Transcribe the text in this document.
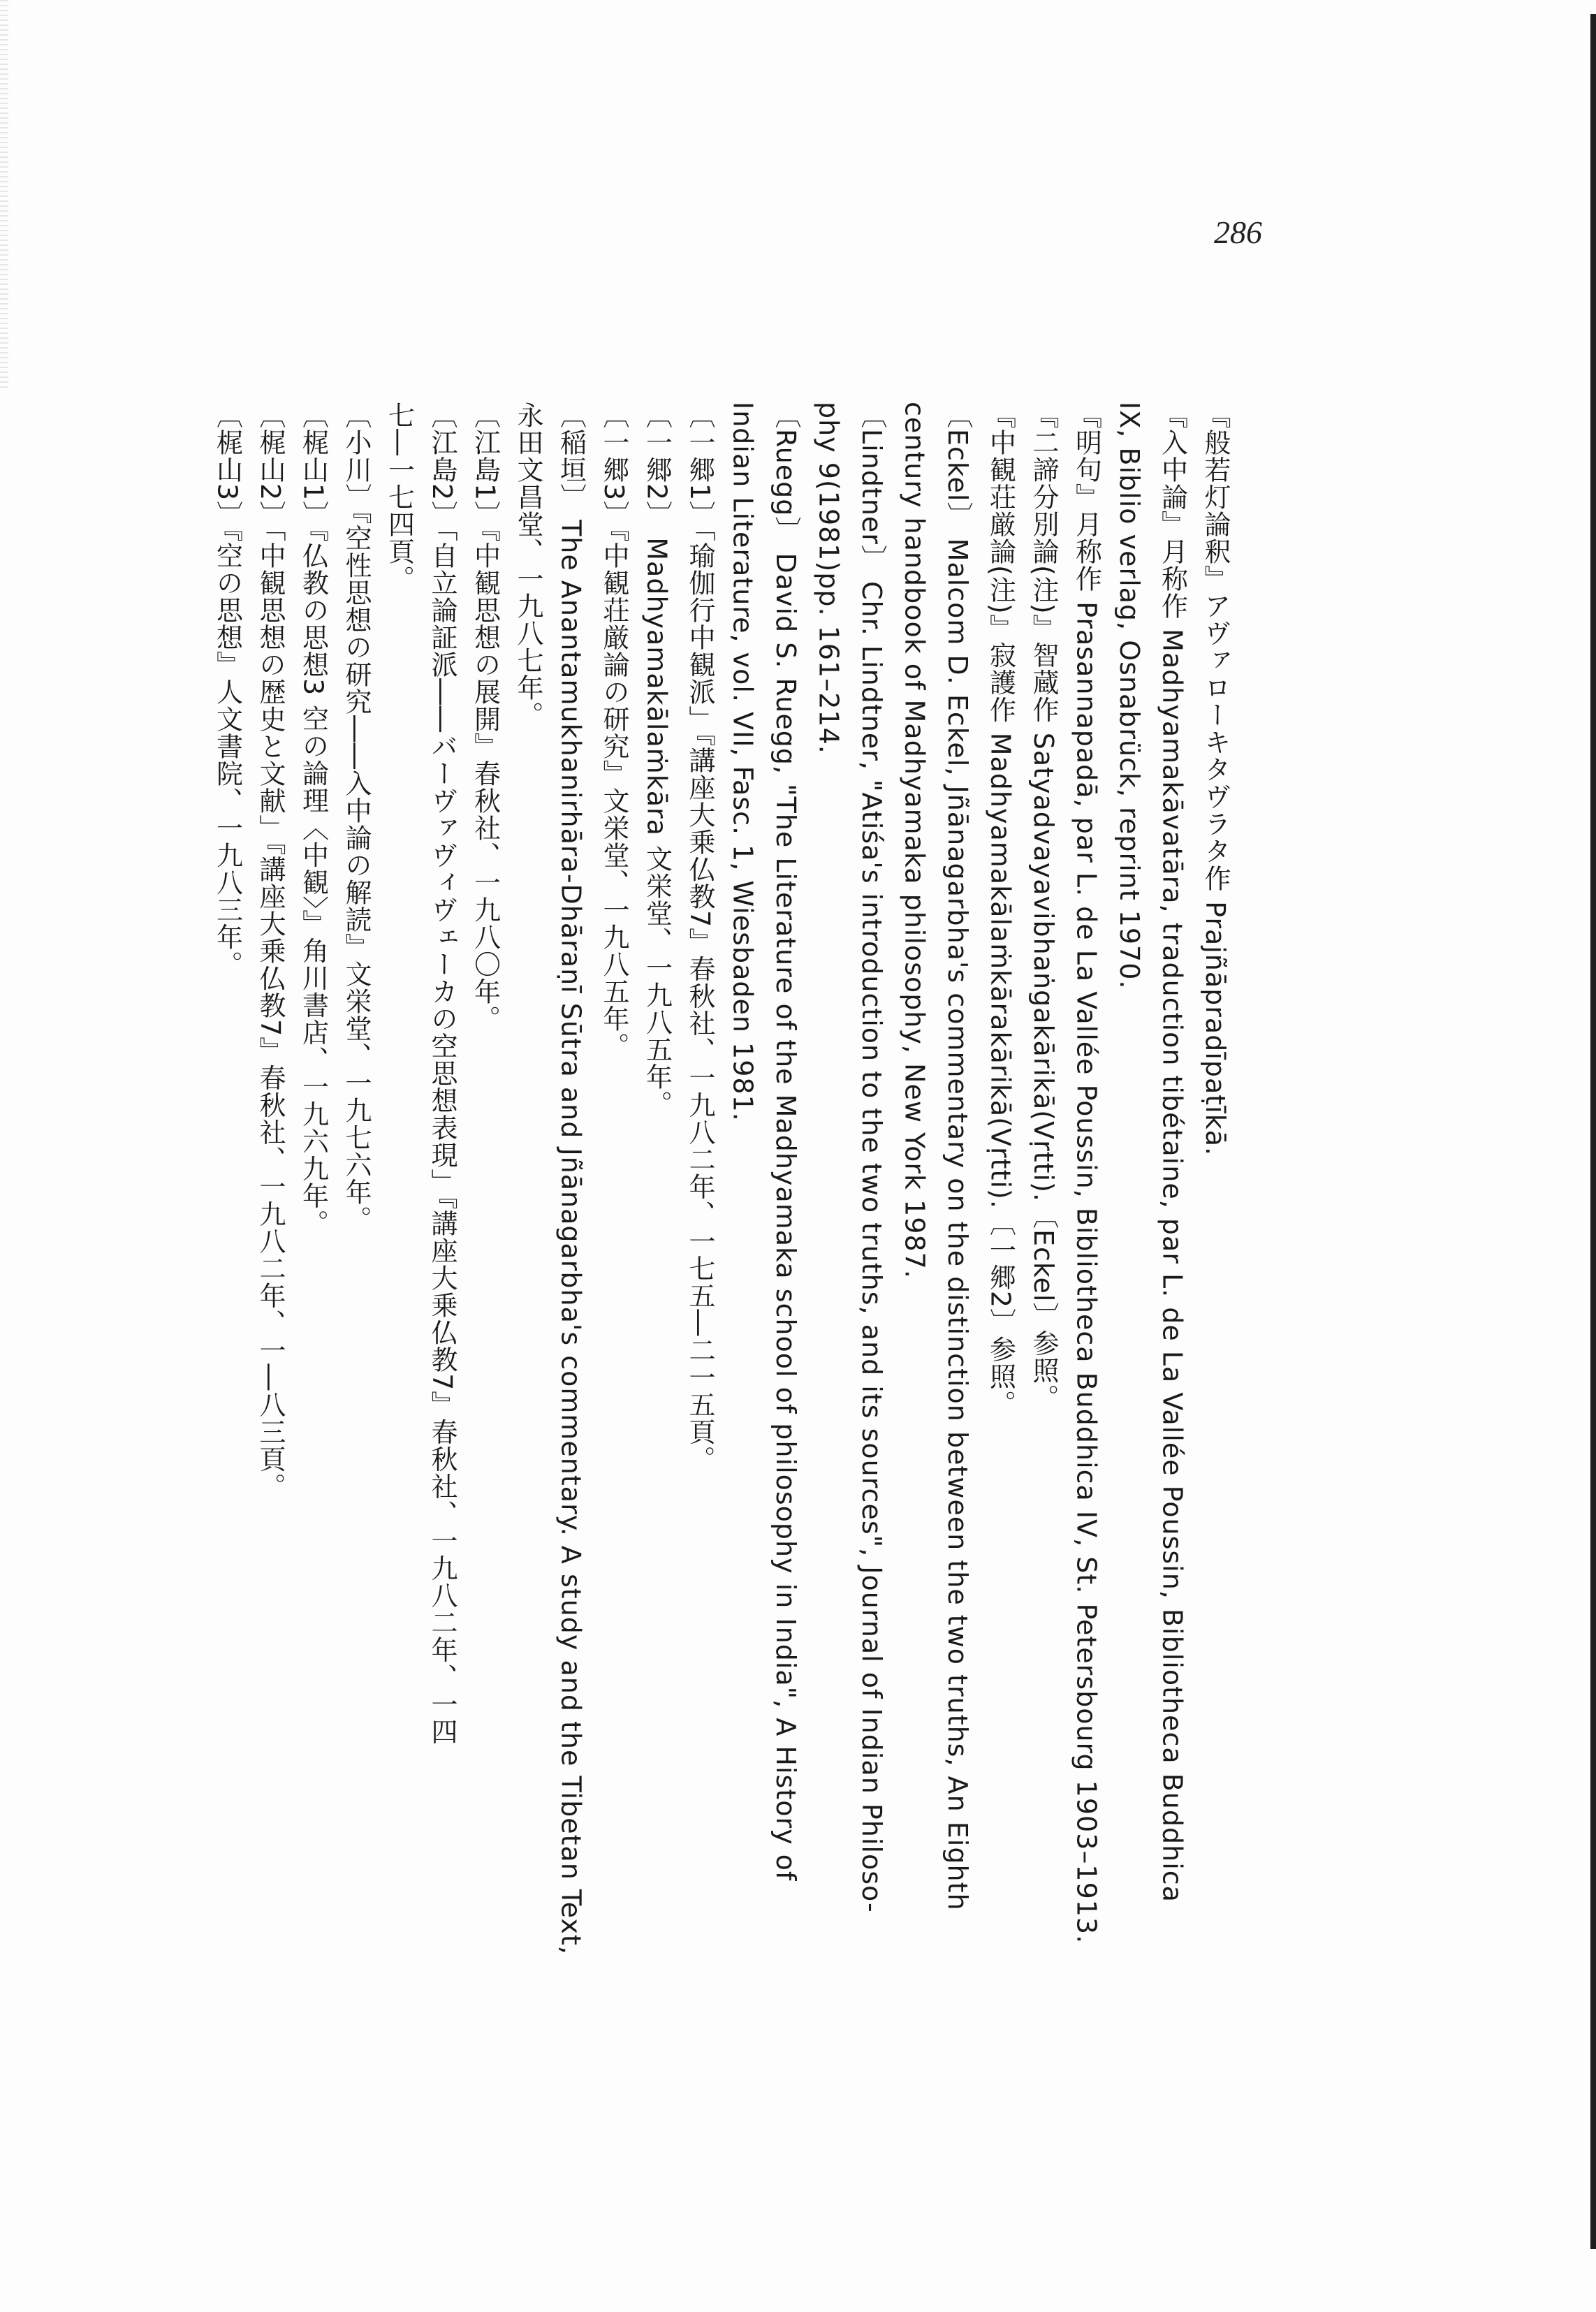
286
『般若灯論釈』アヴァローキタヴラタ作 Prajñāpradīpaṭīkā.
『入中論』月称作 Madhyamakāvatāra, traduction tibétaine, par L. de La Vallée Poussin, Bibliotheca Buddhica
IX, Biblio verlag, Osnabrück, reprint 1970.
『明句』月称作 Prasannapadā, par L. de La Vallée Poussin, Bibliotheca Buddhica IV, St. Petersbourg 1903–1913.
『二諦分別論(注)』智蔵作 Satyadvayavibhaṅgakārikā(Vṛtti).〔Eckel〕参照。
『中観荘厳論(注)』寂護作 Madhyamakālaṁkārakārikā(Vṛtti).〔一郷2〕参照。
〔Eckel〕 Malcom D. Eckel, Jñānagarbha's commentary on the distinction between the two truths, An Eighth
century handbook of Madhyamaka philosophy, New York 1987.
〔Lindtner〕 Chr. Lindtner, "Atiśa's introduction to the two truths, and its sources", Journal of Indian Philoso-
phy 9(1981)pp. 161–214.
〔Ruegg〕 David S. Ruegg, "The Literature of the Madhyamaka school of philosophy in India", A History of
Indian Literature, vol. VII, Fasc. 1, Wiesbaden 1981.
〔一郷1〕「瑜伽行中観派」『講座大乗仏教7』春秋社、一九八二年、一七五―二一五頁。
〔一郷2〕 Madhyamakālaṁkāra 文栄堂、一九八五年。
〔一郷3〕『中観荘厳論の研究』文栄堂、一九八五年。
〔稲垣〕 The Anantamukhanirhāra-Dhāraṇī Sūtra and Jñānagarbha's commentary. A study and the Tibetan Text,
永田文昌堂、一九八七年。
〔江島1〕『中観思想の展開』春秋社、一九八〇年。
〔江島2〕「自立論証派――バーヴァヴィヴェーカの空思想表現」『講座大乗仏教7』春秋社、一九八二年、一四
七―一七四頁。
〔小川〕『空性思想の研究――入中論の解読』文栄堂、一九七六年。
〔梶山1〕『仏教の思想3 空の論理〈中観〉』角川書店、一九六九年。
〔梶山2〕「中観思想の歴史と文献」『講座大乗仏教7』春秋社、一九八二年、一―八三頁。
〔梶山3〕『空の思想』人文書院、一九八三年。
